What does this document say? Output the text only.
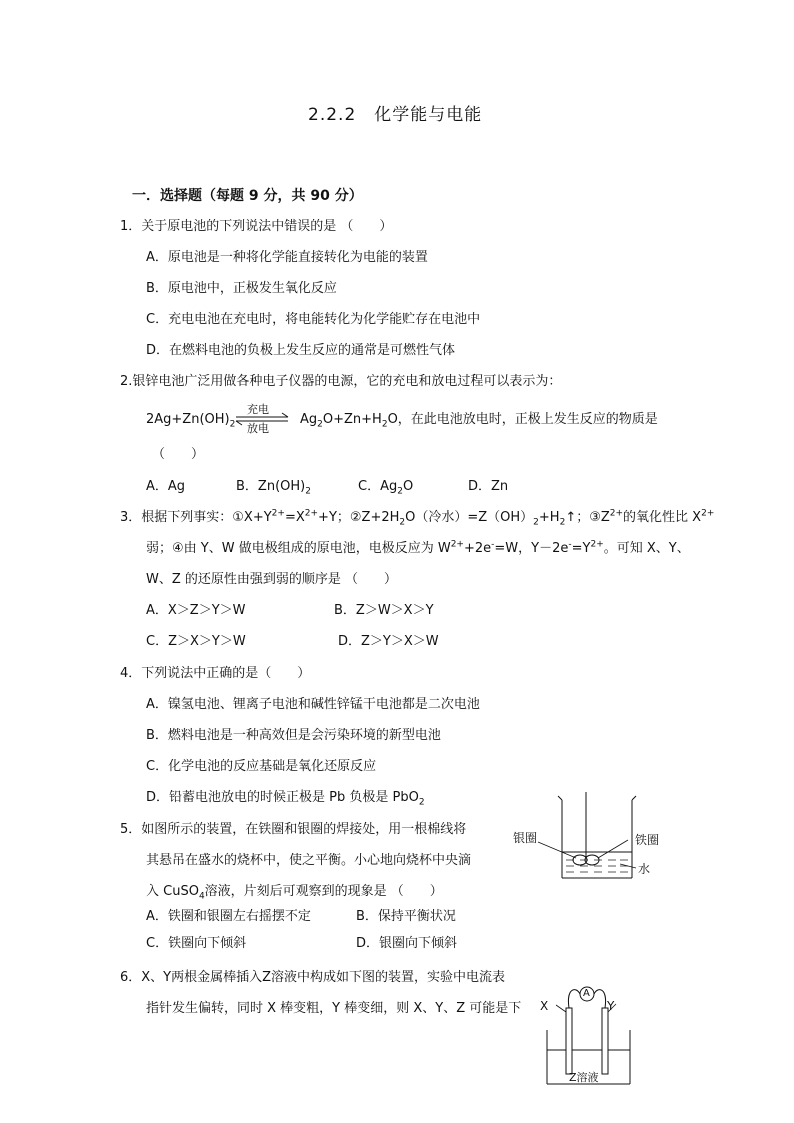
2.2.2　化学能与电能
一．选择题（每题 9 分，共 90 分）
1．关于原电池的下列说法中错误的是 （　　）
A．原电池是一种将化学能直接转化为电能的装置
B．原电池中，正极发生氧化反应
C．充电电池在充电时，将电能转化为化学能贮存在电池中
D．在燃料电池的负极上发生反应的通常是可燃性气体
2.银锌电池广泛用做各种电子仪器的电源，它的充电和放电过程可以表示为：
$2Ag+Zn(OH)_2$
充电
放电
$Ag_2O+Zn+H_2O$，在此电池放电时，正极上发生反应的物质是
（　　）
A．Ag	B．$Zn(OH)_2$	C．$Ag_2O$	D．Zn
3．根据下列事实：$①X+Y^{2+}=X^{2+}+Y$；$②Z+2H_2O$（冷水）$=Z(OH)_2+H_2↑$；$③Z^{2+}$的氧化性比 $X^{2+}$
弱；④由 Y、W 做电极组成的原电池，电极反应为 $W^{2+}+2e^-=W$，$Y-2e^-=Y^{2+}$。可知 X、Y、
W、Z 的还原性由强到弱的顺序是 （　　）
A．X＞Z＞Y＞W	B．Z＞W＞X＞Y
C．Z＞X＞Y＞W	D．Z＞Y＞X＞W
4．下列说法中正确的是（　　）
A．镍氢电池、锂离子电池和碱性锌锰干电池都是二次电池
B．燃料电池是一种高效但是会污染环境的新型电池
C．化学电池的反应基础是氧化还原反应
D．铅蓄电池放电的时候正极是 Pb 负极是 PbO$_2$
5．如图所示的装置，在铁圈和银圈的焊接处，用一根棉线将
其悬吊在盛水的烧杯中，使之平衡。小心地向烧杯中央滴
入 CuSO$_4$溶液，片刻后可观察到的现象是 （　　）
A．铁圈和银圈左右摇摆不定	B．保持平衡状况
C．铁圈向下倾斜	D．银圈向下倾斜
银圈	铁圈
水
6．X、Y两根金属棒插入Z溶液中构成如下图的装置，实验中电流表
指针发生偏转，同时 X 棒变粗，Y 棒变细，则 X、Y、Z 可能是下 X	Y
A
Z溶液
